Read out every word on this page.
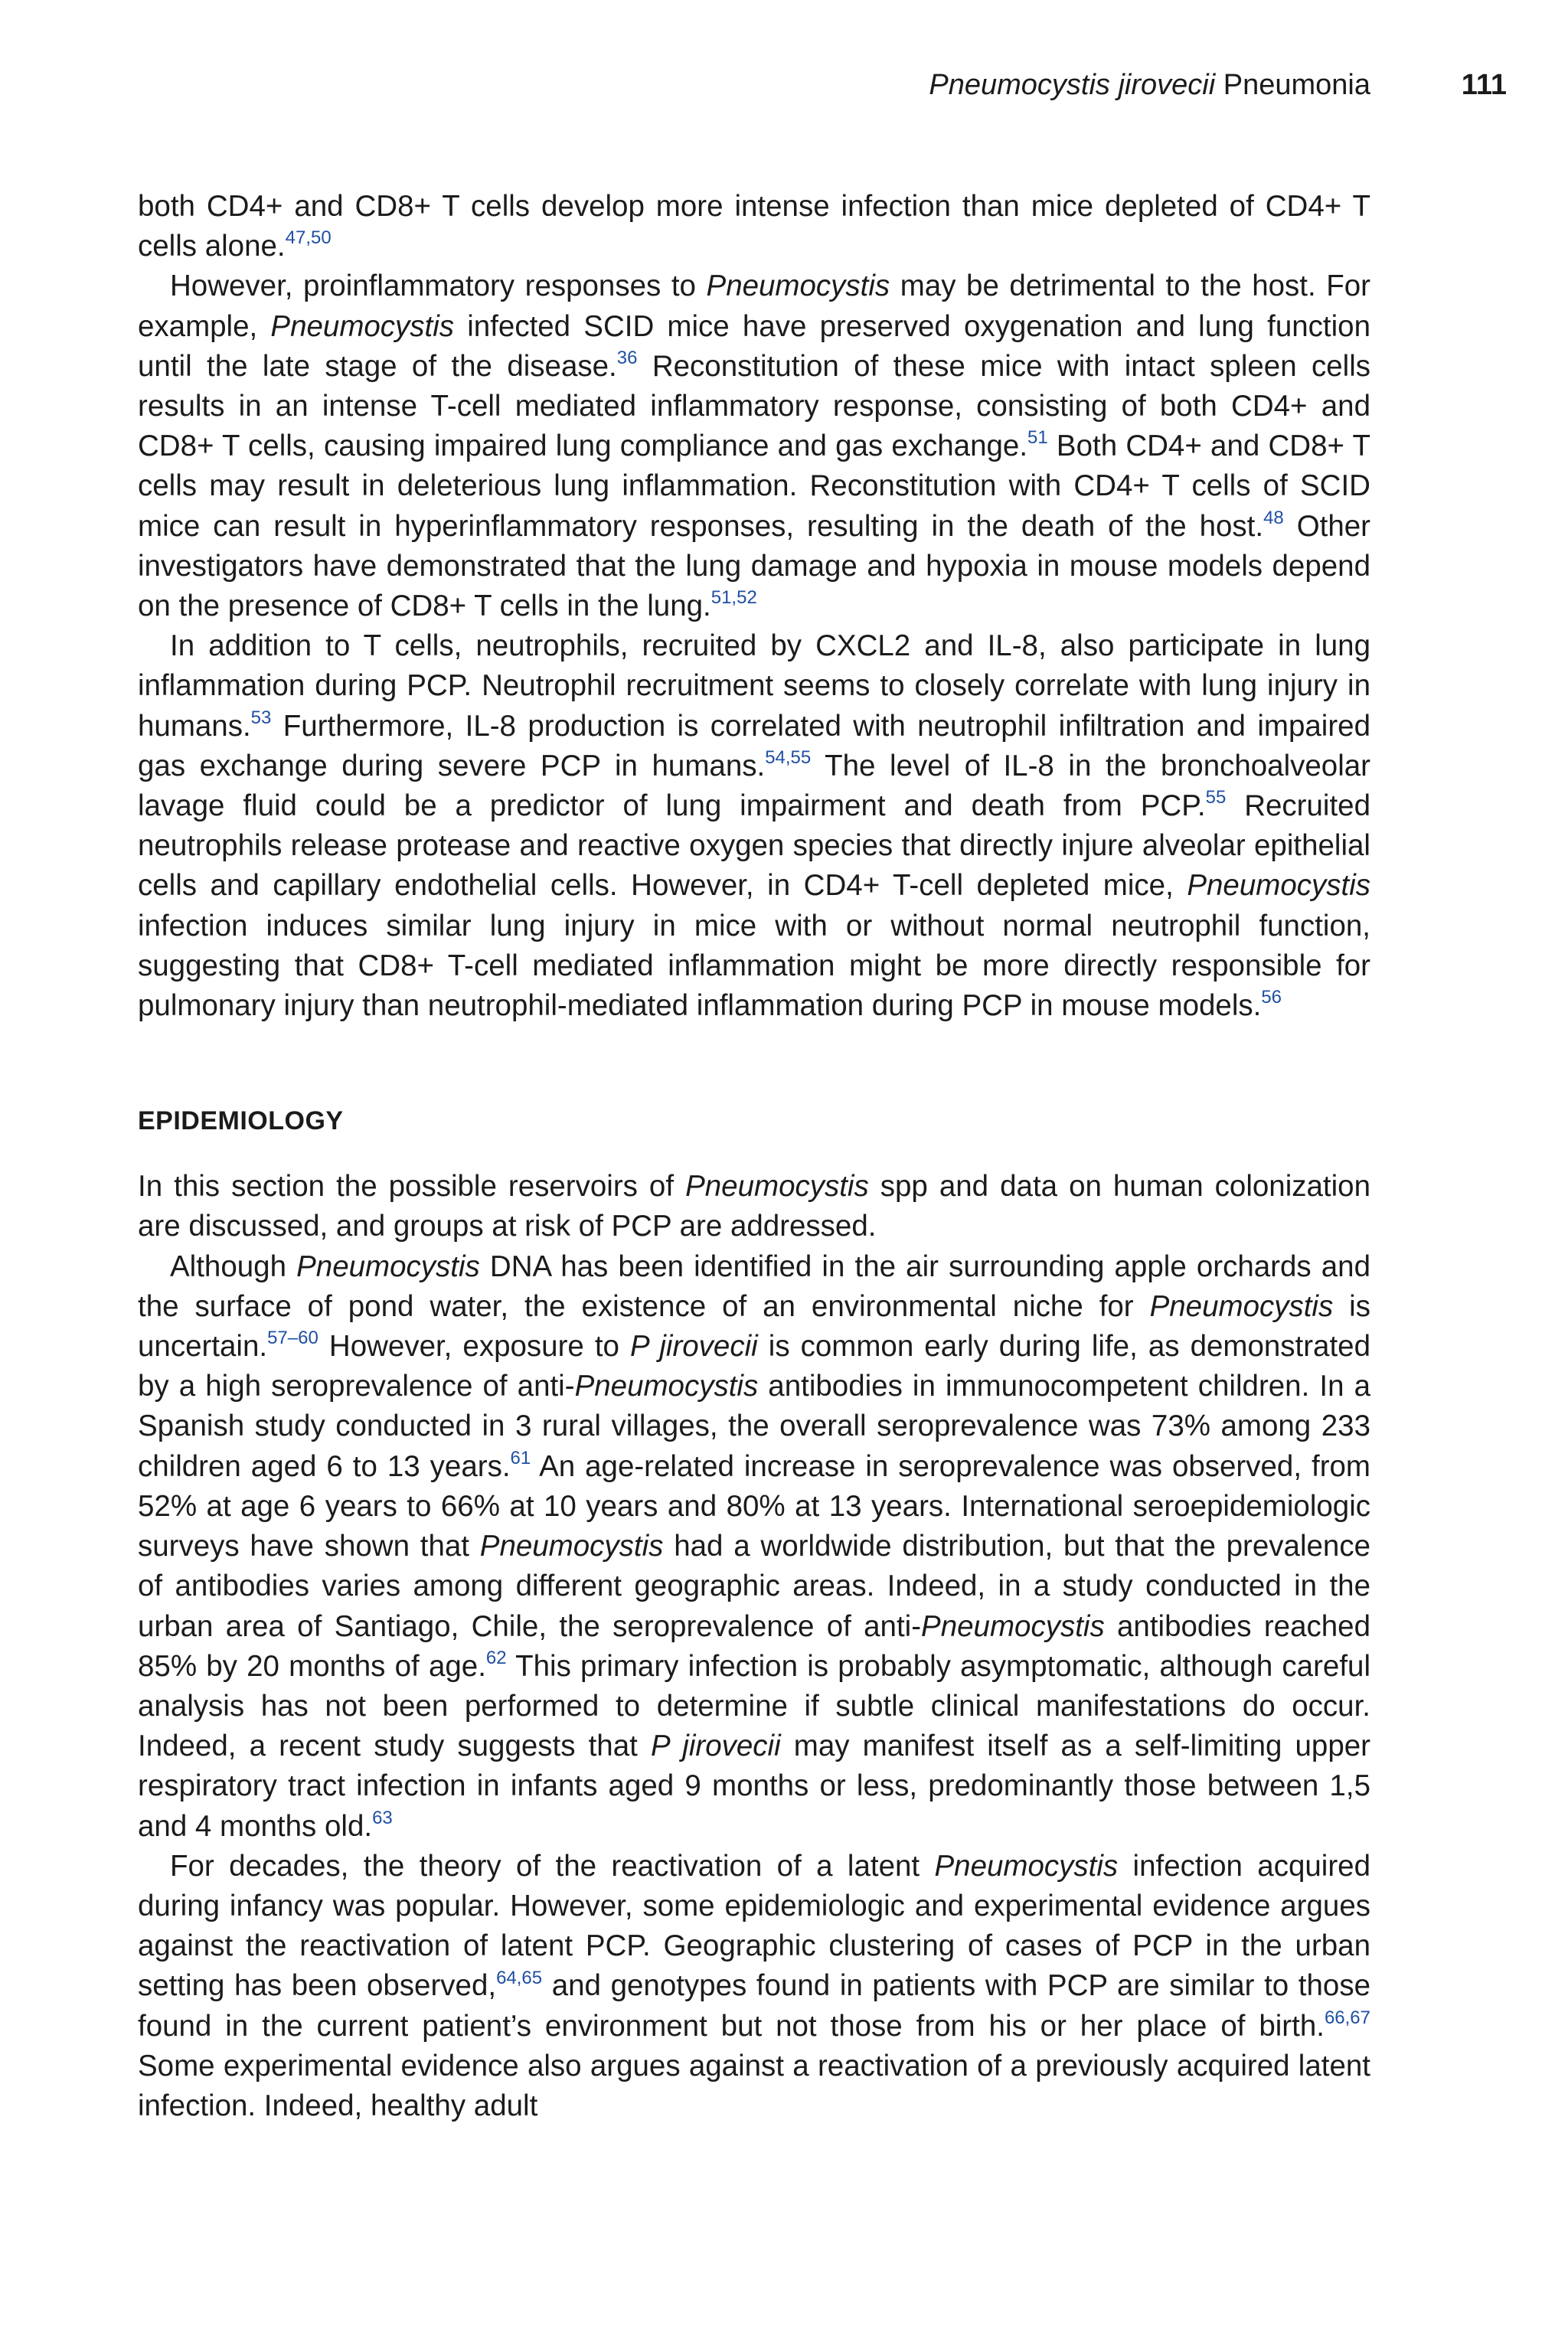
Pneumocystis jirovecii Pneumonia	111

both CD4+ and CD8+ T cells develop more intense infection than mice depleted of CD4+ T cells alone.$^{47,50}$

However, proinflammatory responses to Pneumocystis may be detrimental to the host. For example, Pneumocystis infected SCID mice have preserved oxygenation and lung function until the late stage of the disease.$^{36}$ Reconstitution of these mice with intact spleen cells results in an intense T-cell mediated inflammatory response, consisting of both CD4+ and CD8+ T cells, causing impaired lung compliance and gas exchange.$^{51}$ Both CD4+ and CD8+ T cells may result in deleterious lung inflammation. Reconstitution with CD4+ T cells of SCID mice can result in hyperinflammatory responses, resulting in the death of the host.$^{48}$ Other investigators have demonstrated that the lung damage and hypoxia in mouse models depend on the presence of CD8+ T cells in the lung.$^{51,52}$

In addition to T cells, neutrophils, recruited by CXCL2 and IL-8, also participate in lung inflammation during PCP. Neutrophil recruitment seems to closely correlate with lung injury in humans.$^{53}$ Furthermore, IL-8 production is correlated with neutrophil infiltration and impaired gas exchange during severe PCP in humans.$^{54,55}$ The level of IL-8 in the bronchoalveolar lavage fluid could be a predictor of lung impairment and death from PCP.$^{55}$ Recruited neutrophils release protease and reactive oxygen species that directly injure alveolar epithelial cells and capillary endothelial cells. However, in CD4+ T-cell depleted mice, Pneumocystis infection induces similar lung injury in mice with or without normal neutrophil function, suggesting that CD8+ T-cell mediated inflammation might be more directly responsible for pulmonary injury than neutrophil-mediated inflammation during PCP in mouse models.$^{56}$

EPIDEMIOLOGY

In this section the possible reservoirs of Pneumocystis spp and data on human colonization are discussed, and groups at risk of PCP are addressed.

Although Pneumocystis DNA has been identified in the air surrounding apple orchards and the surface of pond water, the existence of an environmental niche for Pneumocystis is uncertain.$^{57-60}$ However, exposure to P jirovecii is common early during life, as demonstrated by a high seroprevalence of anti-Pneumocystis antibodies in immunocompetent children. In a Spanish study conducted in 3 rural villages, the overall seroprevalence was 73% among 233 children aged 6 to 13 years.$^{61}$ An age-related increase in seroprevalence was observed, from 52% at age 6 years to 66% at 10 years and 80% at 13 years. International seroepidemiologic surveys have shown that Pneumocystis had a worldwide distribution, but that the prevalence of antibodies varies among different geographic areas. Indeed, in a study conducted in the urban area of Santiago, Chile, the seroprevalence of anti-Pneumocystis antibodies reached 85% by 20 months of age.$^{62}$ This primary infection is probably asymptomatic, although careful analysis has not been performed to determine if subtle clinical manifestations do occur. Indeed, a recent study suggests that P jirovecii may manifest itself as a self-limiting upper respiratory tract infection in infants aged 9 months or less, predominantly those between 1,5 and 4 months old.$^{63}$

For decades, the theory of the reactivation of a latent Pneumocystis infection acquired during infancy was popular. However, some epidemiologic and experimental evidence argues against the reactivation of latent PCP. Geographic clustering of cases of PCP in the urban setting has been observed,$^{64,65}$ and genotypes found in patients with PCP are similar to those found in the current patient’s environment but not those from his or her place of birth.$^{66,67}$ Some experimental evidence also argues against a reactivation of a previously acquired latent infection. Indeed, healthy adult
